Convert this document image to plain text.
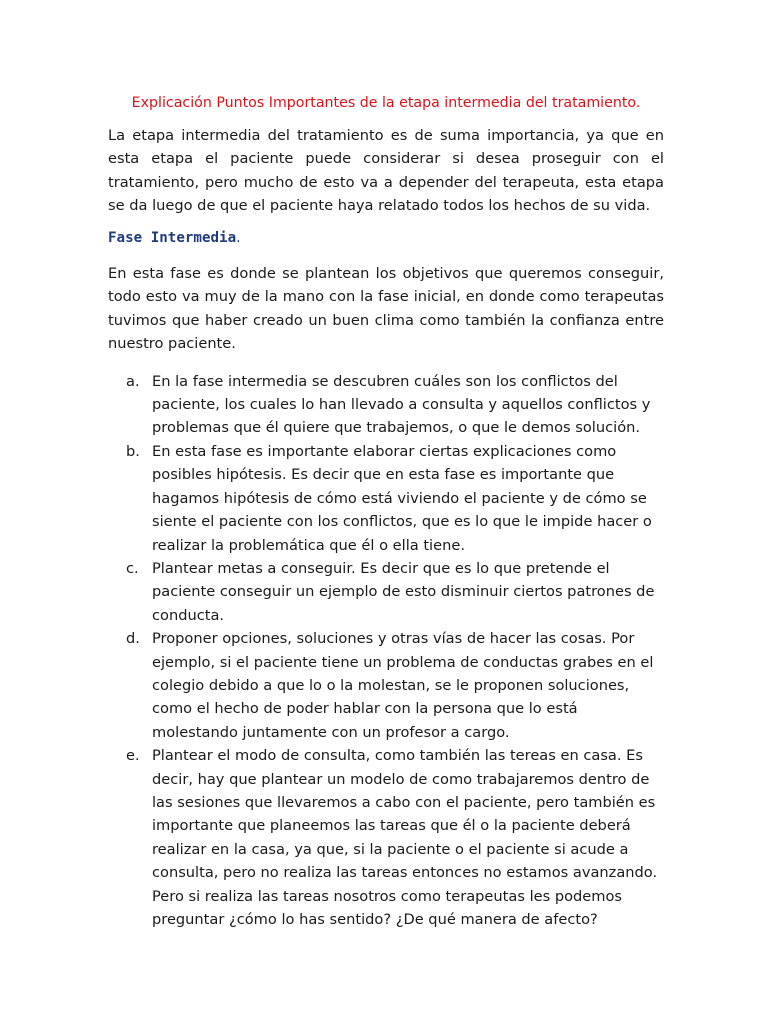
Explicación Puntos Importantes de la etapa intermedia del tratamiento.

La etapa intermedia del tratamiento es de suma importancia, ya que en esta etapa el paciente puede considerar si desea proseguir con el tratamiento, pero mucho de esto va a depender del terapeuta, esta etapa se da luego de que el paciente haya relatado todos los hechos de su vida.

Fase Intermedia.

En esta fase es donde se plantean los objetivos que queremos conseguir, todo esto va muy de la mano con la fase inicial, en donde como terapeutas tuvimos que haber creado un buen clima como también la confianza entre nuestro paciente.

a. En la fase intermedia se descubren cuáles son los conflictos del paciente, los cuales lo han llevado a consulta y aquellos conflictos y problemas que él quiere que trabajemos, o que le demos solución.
b. En esta fase es importante elaborar ciertas explicaciones como posibles hipótesis. Es decir que en esta fase es importante que hagamos hipótesis de cómo está viviendo el paciente y de cómo se siente el paciente con los conflictos, que es lo que le impide hacer o realizar la problemática que él o ella tiene.
c. Plantear metas a conseguir. Es decir que es lo que pretende el paciente conseguir un ejemplo de esto disminuir ciertos patrones de conducta.
d. Proponer opciones, soluciones y otras vías de hacer las cosas. Por ejemplo, si el paciente tiene un problema de conductas grabes en el colegio debido a que lo o la molestan, se le proponen soluciones, como el hecho de poder hablar con la persona que lo está molestando juntamente con un profesor a cargo.
e. Plantear el modo de consulta, como también las tereas en casa. Es decir, hay que plantear un modelo de como trabajaremos dentro de las sesiones que llevaremos a cabo con el paciente, pero también es importante que planeemos las tareas que él o la paciente deberá realizar en la casa, ya que, si la paciente o el paciente si acude a consulta, pero no realiza las tareas entonces no estamos avanzando. Pero si realiza las tareas nosotros como terapeutas les podemos preguntar ¿cómo lo has sentido? ¿De qué manera de afecto?
